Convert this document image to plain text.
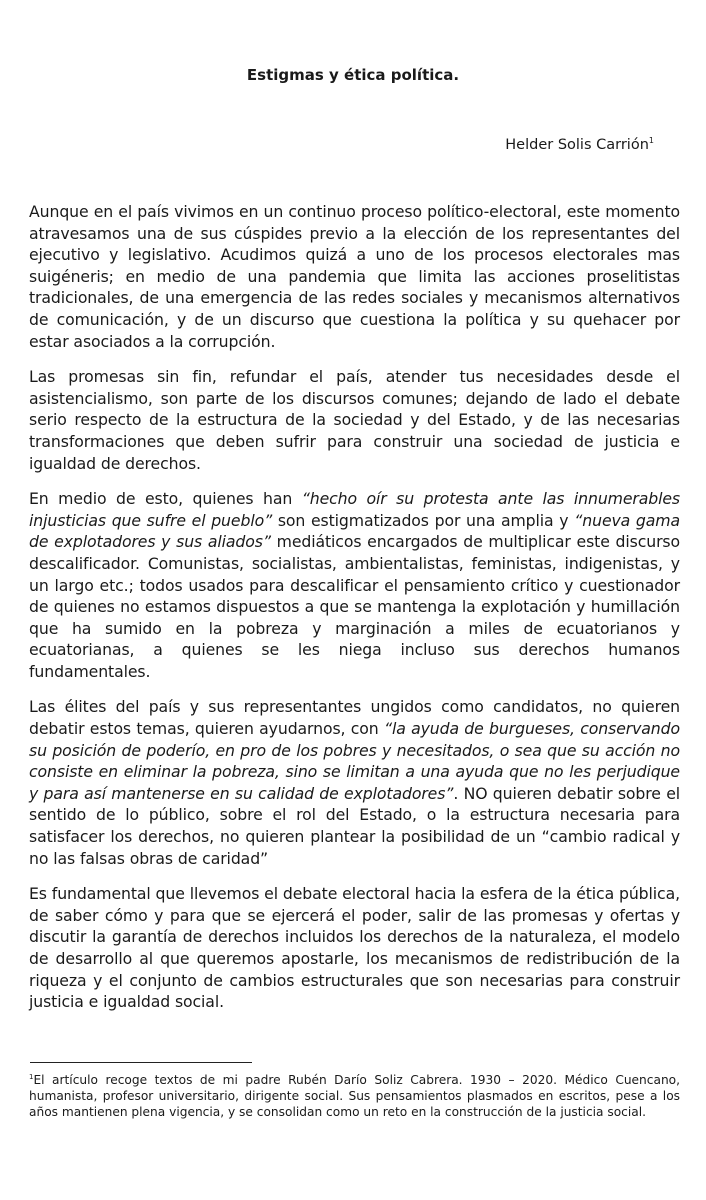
Estigmas y ética política.
Helder Solis Carrión$^1$

Aunque en el país vivimos en un continuo proceso político-electoral, este momento atravesamos una de sus cúspides previo a la elección de los representantes del ejecutivo y legislativo. Acudimos quizá a uno de los procesos electorales mas suigéneris; en medio de una pandemia que limita las acciones proselitistas tradicionales, de una emergencia de las redes sociales y mecanismos alternativos de comunicación, y de un discurso que cuestiona la política y su quehacer por estar asociados a la corrupción.

Las promesas sin fin, refundar el país, atender tus necesidades desde el asistencialismo, son parte de los discursos comunes; dejando de lado el debate serio respecto de la estructura de la sociedad y del Estado, y de las necesarias transformaciones que deben sufrir para construir una sociedad de justicia e igualdad de derechos.

En medio de esto, quienes han “hecho oír su protesta ante las innumerables injusticias que sufre el pueblo” son estigmatizados por una amplia y “nueva gama de explotadores y sus aliados” mediáticos encargados de multiplicar este discurso descalificador. Comunistas, socialistas, ambientalistas, feministas, indigenistas, y un largo etc.; todos usados para descalificar el pensamiento crítico y cuestionador de quienes no estamos dispuestos a que se mantenga la explotación y humillación que ha sumido en la pobreza y marginación a miles de ecuatorianos y ecuatorianas, a quienes se les niega incluso sus derechos humanos fundamentales.

Las élites del país y sus representantes ungidos como candidatos, no quieren debatir estos temas, quieren ayudarnos, con “la ayuda de burgueses, conservando su posición de poderío, en pro de los pobres y necesitados, o sea que su acción no consiste en eliminar la pobreza, sino se limitan a una ayuda que no les perjudique y para así mantenerse en su calidad de explotadores”. NO quieren debatir sobre el sentido de lo público, sobre el rol del Estado, o la estructura necesaria para satisfacer los derechos, no quieren plantear la posibilidad de un “cambio radical y no las falsas obras de caridad”

Es fundamental que llevemos el debate electoral hacia la esfera de la ética pública, de saber cómo y para que se ejercerá el poder, salir de las promesas y ofertas y discutir la garantía de derechos incluidos los derechos de la naturaleza, el modelo de desarrollo al que queremos apostarle, los mecanismos de redistribución de la riqueza y el conjunto de cambios estructurales que son necesarias para construir justicia e igualdad social.

$^1$El artículo recoge textos de mi padre Rubén Darío Soliz Cabrera. 1930 – 2020. Médico Cuencano, humanista, profesor universitario, dirigente social. Sus pensamientos plasmados en escritos, pese a los años mantienen plena vigencia, y se consolidan como un reto en la construcción de la justicia social.
